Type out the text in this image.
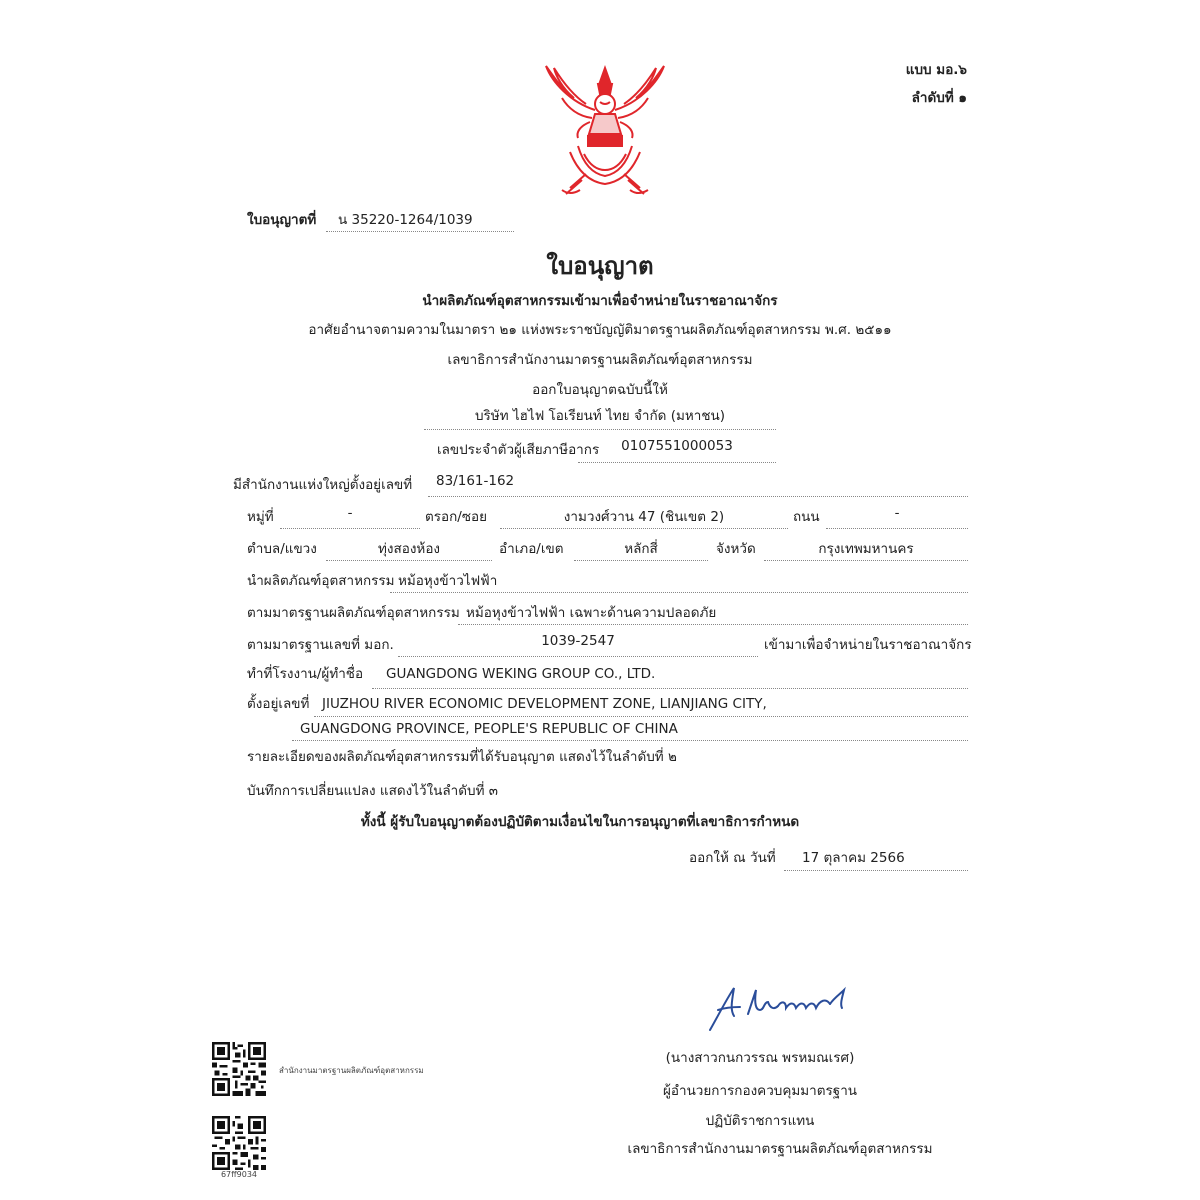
แบบ มอ.๖
ลำดับที่ ๑
ใบอนุญาตที่ น 35220-1264/1039
ใบอนุญาต
นำผลิตภัณฑ์อุตสาหกรรมเข้ามาเพื่อจำหน่ายในราชอาณาจักร
อาศัยอำนาจตามความในมาตรา ๒๑ แห่งพระราชบัญญัติมาตรฐานผลิตภัณฑ์อุตสาหกรรม พ.ศ. ๒๕๑๑
เลขาธิการสำนักงานมาตรฐานผลิตภัณฑ์อุตสาหกรรม
ออกใบอนุญาตฉบับนี้ให้
บริษัท ไฮไฟ โอเรียนท์ ไทย จำกัด (มหาชน)
เลขประจำตัวผู้เสียภาษีอากร	0107551000053
มีสำนักงานแห่งใหญ่ตั้งอยู่เลขที่ 83/161-162
หมู่ที่	-	ตรอก/ซอย	งามวงศ์วาน 47 (ชินเขต 2)	ถนน	-
ตำบล/แขวง	ทุ่งสองห้อง	อำเภอ/เขต	หลักสี่	จังหวัด	กรุงเทพมหานคร
นำผลิตภัณฑ์อุตสาหกรรม หม้อหุงข้าวไฟฟ้า
ตามมาตรฐานผลิตภัณฑ์อุตสาหกรรม หม้อหุงข้าวไฟฟ้า เฉพาะด้านความปลอดภัย
ตามมาตรฐานเลขที่ มอก.	1039-2547	เข้ามาเพื่อจำหน่ายในราชอาณาจักร
ทำที่โรงงาน/ผู้ทำชื่อ GUANGDONG WEKING GROUP CO., LTD.
ตั้งอยู่เลขที่ JIUZHOU RIVER ECONOMIC DEVELOPMENT ZONE, LIANJIANG CITY,
GUANGDONG PROVINCE, PEOPLE'S REPUBLIC OF CHINA
รายละเอียดของผลิตภัณฑ์อุตสาหกรรมที่ได้รับอนุญาต แสดงไว้ในลำดับที่ ๒
บันทึกการเปลี่ยนแปลง แสดงไว้ในลำดับที่ ๓
ทั้งนี้ ผู้รับใบอนุญาตต้องปฏิบัติตามเงื่อนไขในการอนุญาตที่เลขาธิการกำหนด
ออกให้ ณ วันที่ 17 ตุลาคม 2566
(นางสาวกนกวรรณ พรหมณเรศ)
ผู้อำนวยการกองควบคุมมาตรฐาน
ปฏิบัติราชการแทน
เลขาธิการสำนักงานมาตรฐานผลิตภัณฑ์อุตสาหกรรม
สำนักงานมาตรฐานผลิตภัณฑ์อุตสาหกรรม
67ff9034
